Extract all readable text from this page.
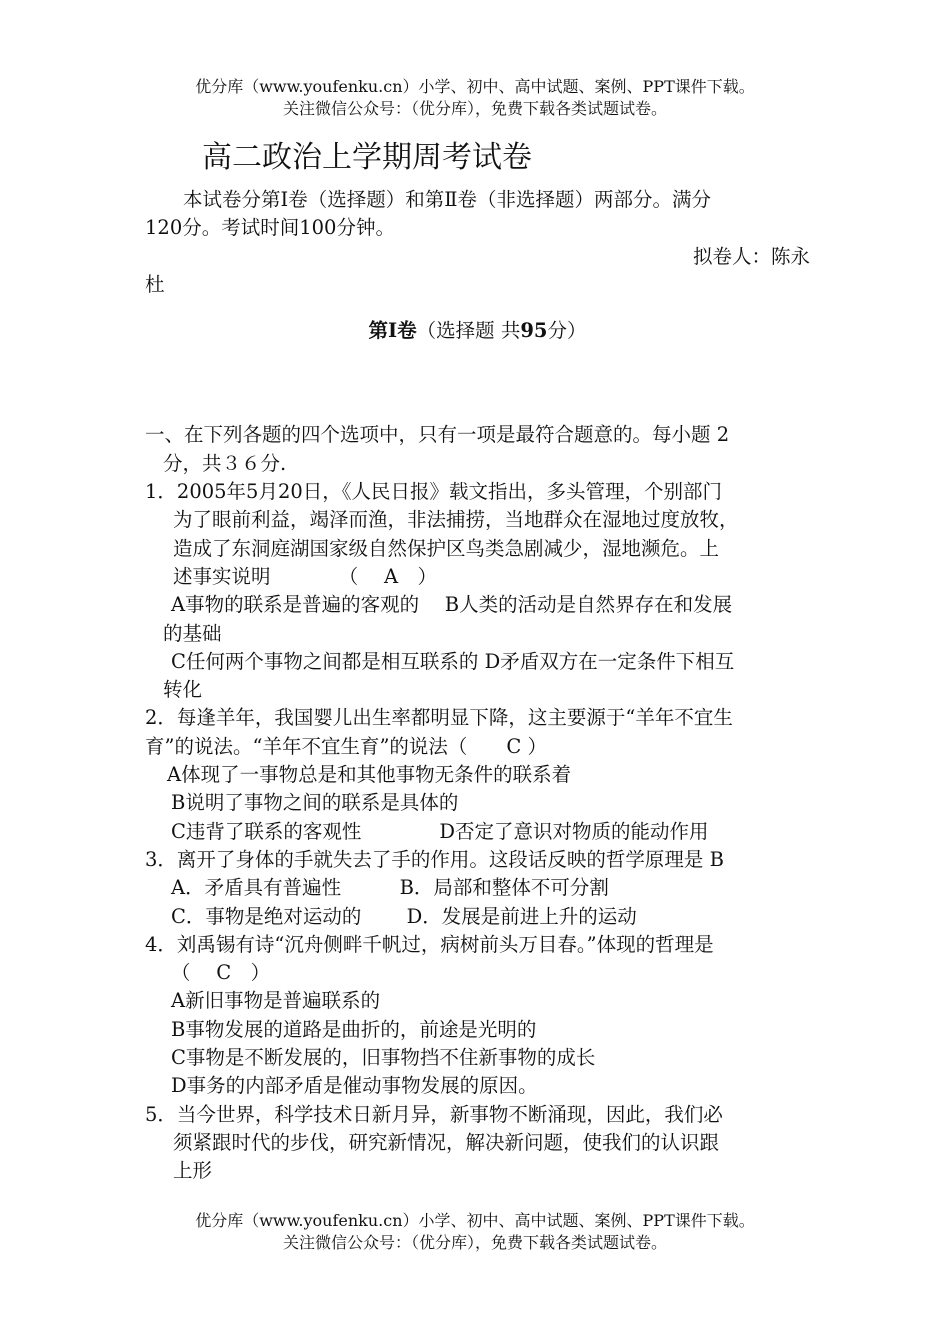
优分库（www.youfenku.cn）小学、初中、高中试题、案例、PPT课件下载。
关注微信公众号：（优分库），免费下载各类试题试卷。
高二政治上学期周考试卷
本试卷分第Ⅰ卷（选择题）和第Ⅱ卷（非选择题）两部分。满分
120分。考试时间100分钟。
拟卷人：陈永
杜
第Ⅰ卷（选择题 共95分）
一、在下列各题的四个选项中，只有一项是最符合题意的。每小题 2
分，共３６分.
1．2005年5月20日，《人民日报》载文指出，多头管理，个别部门
为了眼前利益，竭泽而渔，非法捕捞，当地群众在湿地过度放牧，
造成了东洞庭湖国家级自然保护区鸟类急剧减少，湿地濒危。上
述事实说明　　　　（　 A　）
A事物的联系是普遍的客观的　 B人类的活动是自然界存在和发展
的基础
C任何两个事物之间都是相互联系的 D矛盾双方在一定条件下相互
转化
2．每逢羊年，我国婴儿出生率都明显下降，这主要源于“羊年不宜生
育”的说法。“羊年不宜生育”的说法（　　C ）
A体现了一事物总是和其他事物无条件的联系着
B说明了事物之间的联系是具体的
C违背了联系的客观性　　　　D否定了意识对物质的能动作用
3．离开了身体的手就失去了手的作用。这段话反映的哲学原理是 B
A．矛盾具有普遍性　　　B．局部和整体不可分割
C．事物是绝对运动的　　 D．发展是前进上升的运动
4．刘禹锡有诗“沉舟侧畔千帆过，病树前头万目春。”体现的哲理是
（　 C　）
A新旧事物是普遍联系的
B事物发展的道路是曲折的，前途是光明的
C事物是不断发展的，旧事物挡不住新事物的成长
D事务的内部矛盾是催动事物发展的原因。
5．当今世界，科学技术日新月异，新事物不断涌现，因此，我们必
须紧跟时代的步伐，研究新情况，解决新问题，使我们的认识跟
上形
优分库（www.youfenku.cn）小学、初中、高中试题、案例、PPT课件下载。
关注微信公众号：（优分库），免费下载各类试题试卷。
